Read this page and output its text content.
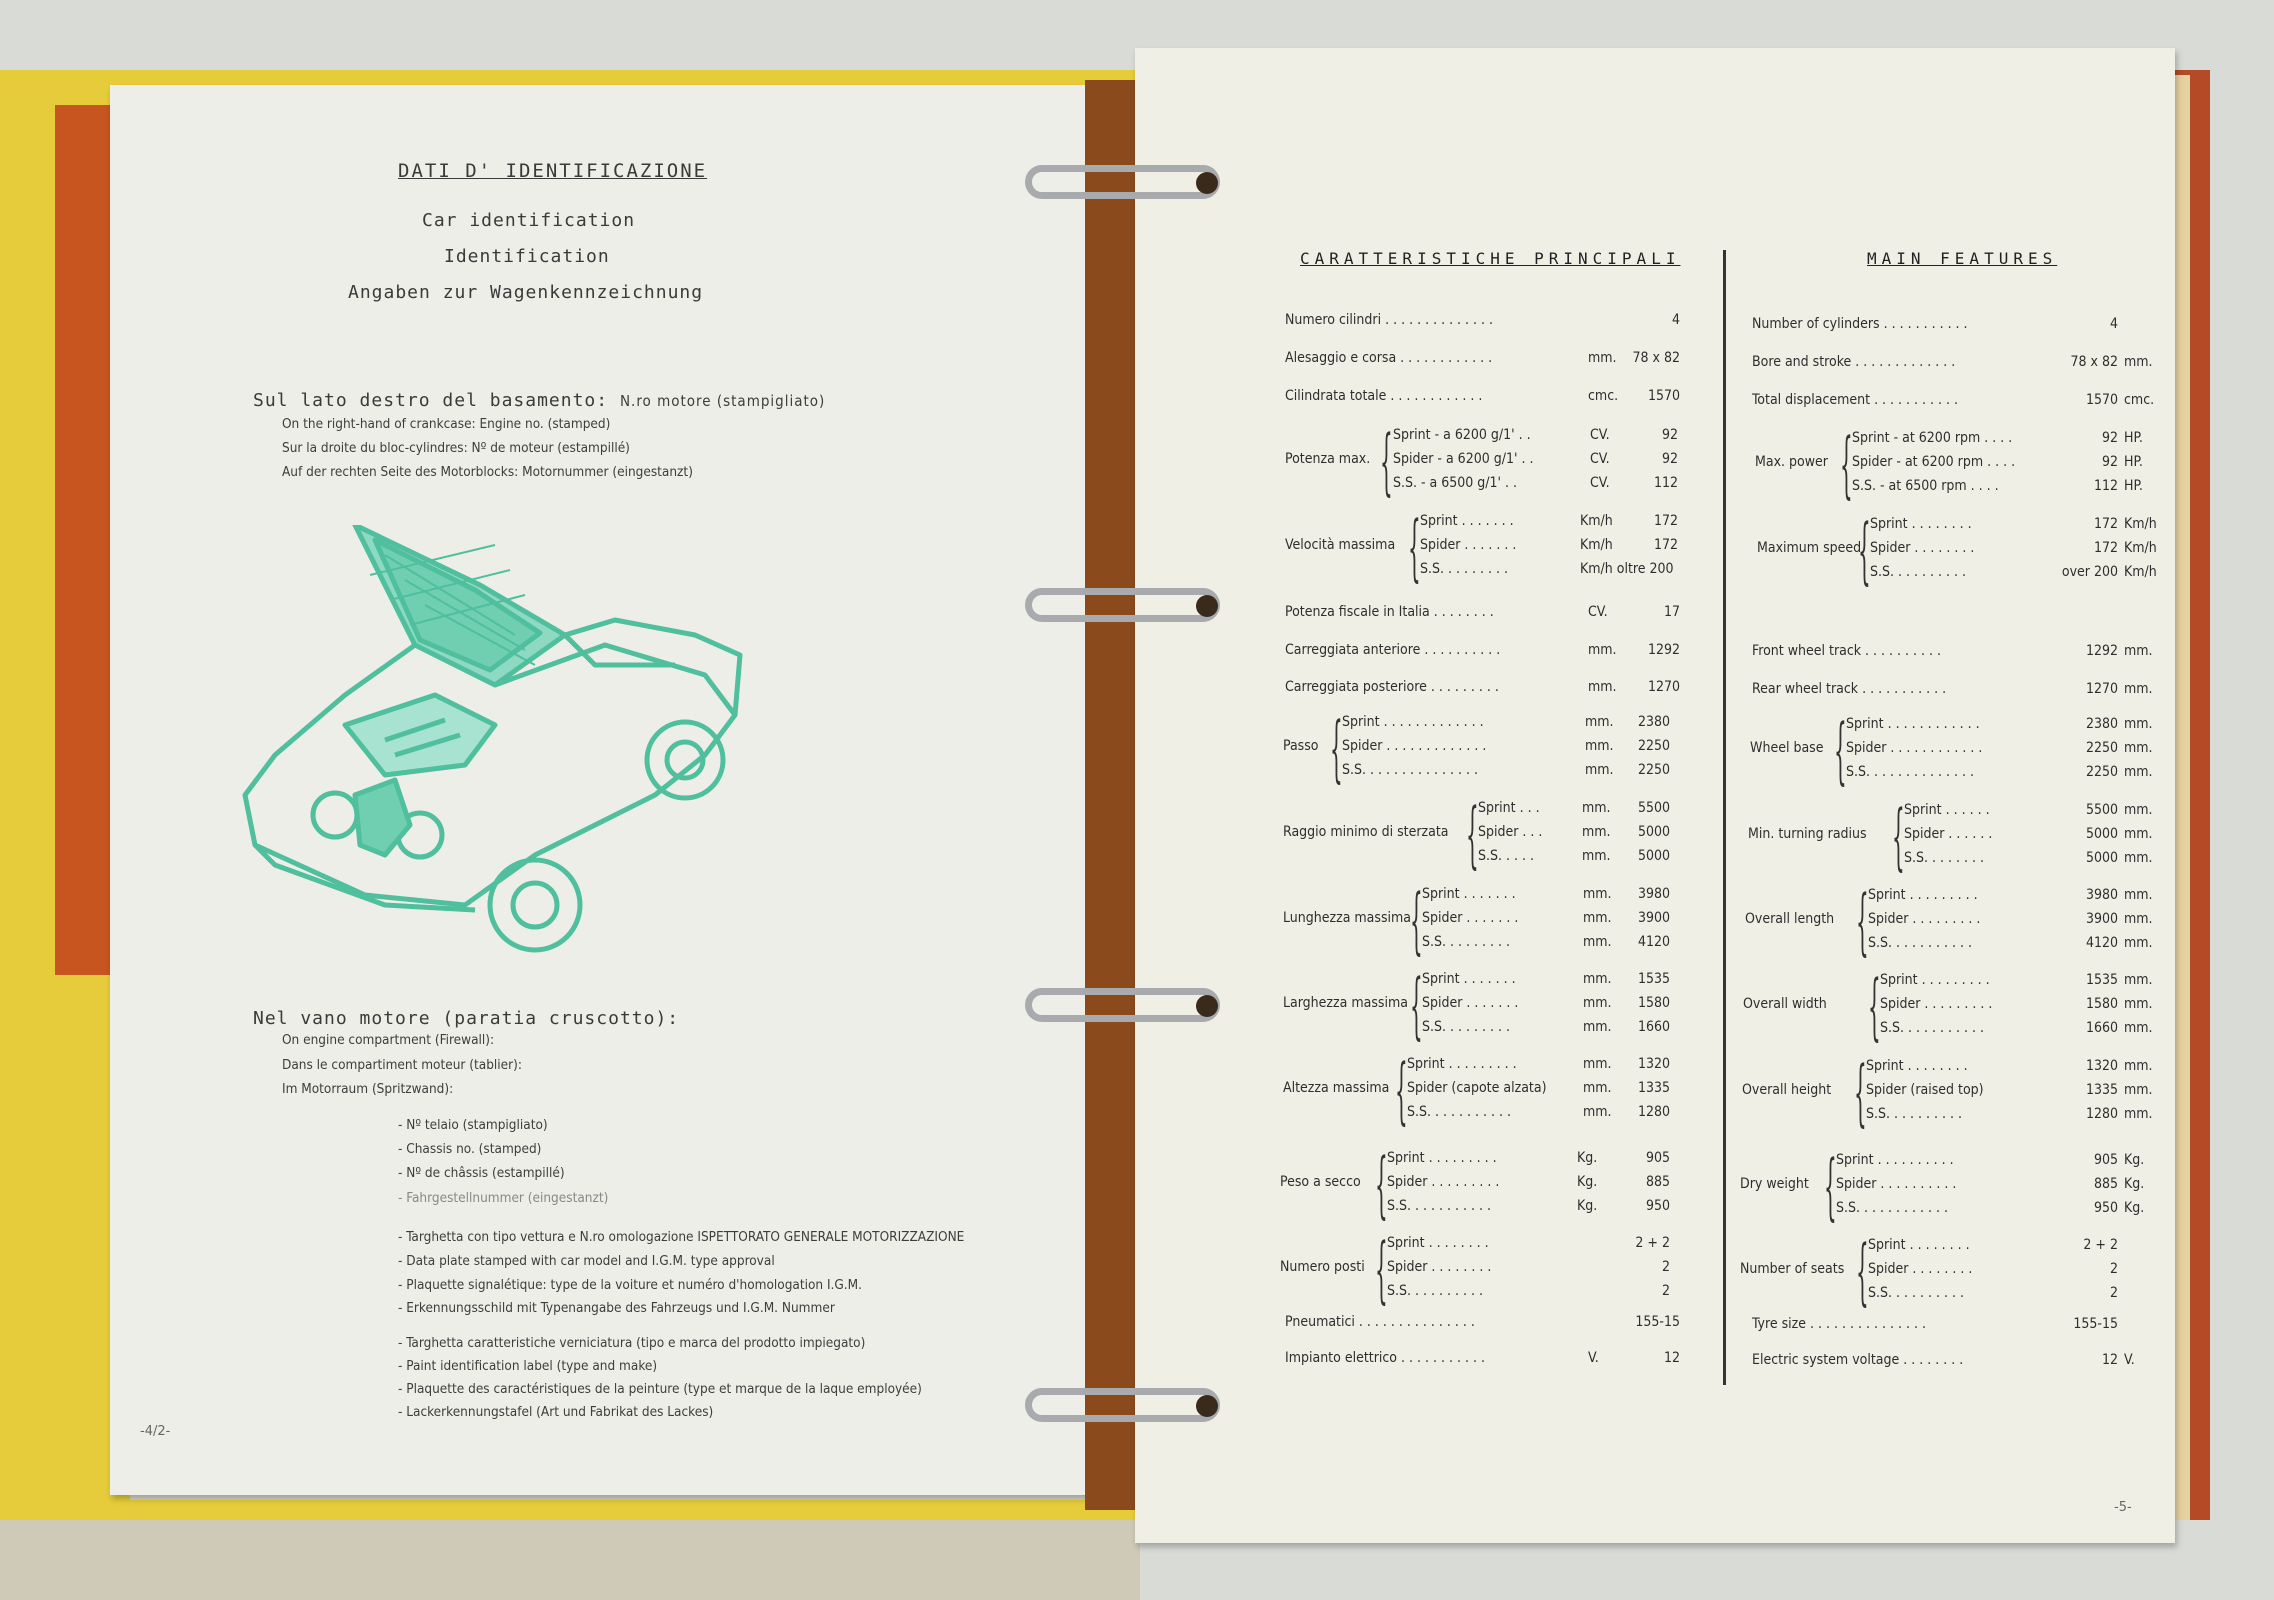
DATI D' IDENTIFICAZIONE
Car identification
Identification
Angaben zur Wagenkennzeichnung
Sul lato destro del basamento: N.ro motore (stampigliato)
On the right-hand of crankcase: Engine no. (stamped)
Sur la droite du bloc-cylindres: Nº de moteur (estampillé)
Auf der rechten Seite des Motorblocks: Motornummer (eingestanzt)
Nel vano motore (paratia cruscotto):
On engine compartment (Firewall):
Dans le compartiment moteur (tablier):
Im Motorraum (Spritzwand):
- Nº telaio (stampigliato)
- Chassis no. (stamped)
- Nº de châssis (estampillé)
- Fahrgestellnummer (eingestanzt)
- Targhetta con tipo vettura e N.ro omologazione ISPETTORATO GENERALE MOTORIZZAZIONE
- Data plate stamped with car model and I.G.M. type approval
- Plaquette signalétique: type de la voiture et numéro d'homologation I.G.M.
- Erkennungsschild mit Typenangabe des Fahrzeugs und I.G.M. Nummer
- Targhetta caratteristiche verniciatura (tipo e marca del prodotto impiegato)
- Paint identification label (type and make)
- Plaquette des caractéristiques de la peinture (type et marque de la laque employée)
- Lackerkennungstafel (Art und Fabrikat des Lackes)
-4/2-
CARATTERISTICHE PRINCIPALI	MAIN FEATURES
-5-
Numero cilindri . . . . . . . . . . . . . .	4
Alesaggio e corsa . . . . . . . . . . . .	mm.	78 x 82
Cilindrata totale . . . . . . . . . . . .	cmc.	1570
Potenza fiscale in Italia . . . . . . . .	CV.	17
Carreggiata anteriore . . . . . . . . . .	mm.	1292
Carreggiata posteriore . . . . . . . . .	mm.	1270
Pneumatici . . . . . . . . . . . . . . .	155-15
Impianto elettrico . . . . . . . . . . .	V.	12
Potenza max. { Sprint - a 6200 g/1' . .	CV.	92
Spider - a 6200 g/1' . .	CV.	92
S.S. - a 6500 g/1' . .	CV.	112
Velocità massima { Sprint . . . . . . .	Km/h	172
Spider . . . . . . .	Km/h	172
S.S. . . . . . . . .	Km/h oltre 200
Passo { Sprint . . . . . . . . . . . . .	mm.	2380
Spider . . . . . . . . . . . . .	mm.	2250
S.S. . . . . . . . . . . . . . .	mm.	2250
Raggio minimo di sterzata { Sprint . . .	mm.	5500
Spider . . .	mm.	5000
S.S. . . . .	mm.	5000
Lunghezza massima
{ Sprint . . . . . . .	mm.	3980
Spider . . . . . . .	mm.	3900
S.S. . . . . . . . .	mm.	4120
Larghezza massima { Sprint . . . . . . .	mm.	1535
Spider . . . . . . .	mm.	1580
S.S. . . . . . . . .	mm.	1660
Altezza massima { Sprint . . . . . . . . .	mm.	1320
Spider (capote alzata)	mm.	1335
S.S. . . . . . . . . . .	mm.	1280
Peso a secco { Sprint . . . . . . . . .	Kg.	905
Spider . . . . . . . . .	Kg.	885
S.S. . . . . . . . . . .	Kg.	950
Numero posti { Sprint . . . . . . . .	2 + 2
Spider . . . . . . . .	2
S.S. . . . . . . . . .	2
Number of cylinders . . . . . . . . . . .	4
Bore and stroke . . . . . . . . . . . . .	78 x 82 mm.
Total displacement . . . . . . . . . . .	1570 cmc.
Front wheel track . . . . . . . . . .	1292 mm.
Rear wheel track . . . . . . . . . . .	1270 mm.
Tyre size . . . . . . . . . . . . . . .	155-15
Electric system voltage . . . . . . . .	12 V.
Max. power { Sprint - at 6200 rpm . . . .	92 HP.
Spider - at 6200 rpm . . . .	92 HP.
S.S. - at 6500 rpm . . . .	112 HP.
Maximum speed
{ Sprint . . . . . . . .	172 Km/h
Spider . . . . . . . .	172 Km/h
S.S. . . . . . . . . .	over 200 Km/h
Wheel base { Sprint . . . . . . . . . . . .	2380 mm.
Spider . . . . . . . . . . . .	2250 mm.
S.S. . . . . . . . . . . . . .	2250 mm.
Min. turning radius { Sprint . . . . . .	5500 mm.
Spider . . . . . .	5000 mm.
S.S. . . . . . . .	5000 mm.
Overall length { Sprint . . . . . . . . .	3980 mm.
Spider . . . . . . . . .	3900 mm.
S.S. . . . . . . . . . .	4120 mm.
Overall width { Sprint . . . . . . . . .	1535 mm.
Spider . . . . . . . . .	1580 mm.
S.S. . . . . . . . . . .	1660 mm.
Overall height { Sprint . . . . . . . .	1320 mm.
Spider (raised top)	1335 mm.
S.S. . . . . . . . . .	1280 mm.
Dry weight { Sprint . . . . . . . . . .	905 Kg.
Spider . . . . . . . . . .	885 Kg.
S.S. . . . . . . . . . . .	950 Kg.
Number of seats { Sprint . . . . . . . .	2 + 2
Spider . . . . . . . .	2
S.S. . . . . . . . . .	2
